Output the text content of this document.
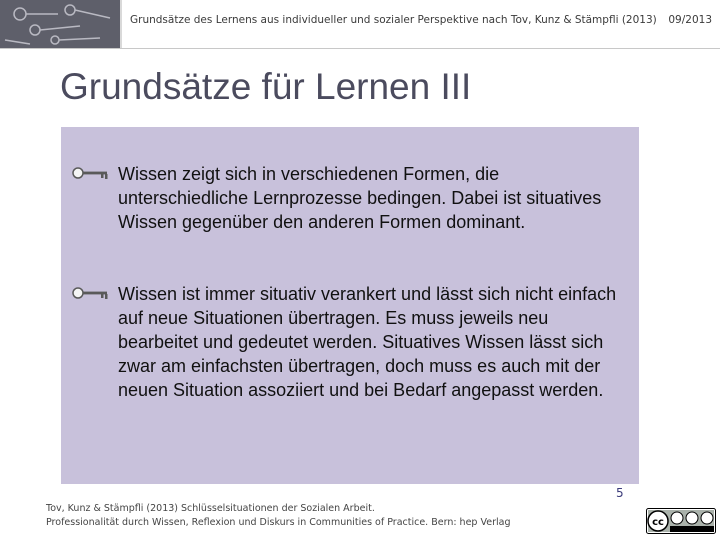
Grundsätze des Lernens aus individueller und sozialer Perspektive nach Tov, Kunz & Stämpfli (2013) 09/2013
Grundsätze für Lernen III
Wissen zeigt sich in verschiedenen Formen, die unterschiedliche Lernprozesse bedingen. Dabei ist situatives Wissen gegenüber den anderen Formen dominant.
Wissen ist immer situativ verankert und lässt sich nicht einfach auf neue Situationen übertragen. Es muss jeweils neu bearbeitet und gedeutet werden. Situatives Wissen lässt sich zwar am einfachsten übertragen, doch muss es auch mit der neuen Situation assoziiert und bei Bedarf angepasst werden.
Tov, Kunz & Stämpfli (2013) Schlüsselsituationen der Sozialen Arbeit.
Professionalität durch Wissen, Reflexion und Diskurs in Communities of Practice. Bern: hep Verlag
5
cc
